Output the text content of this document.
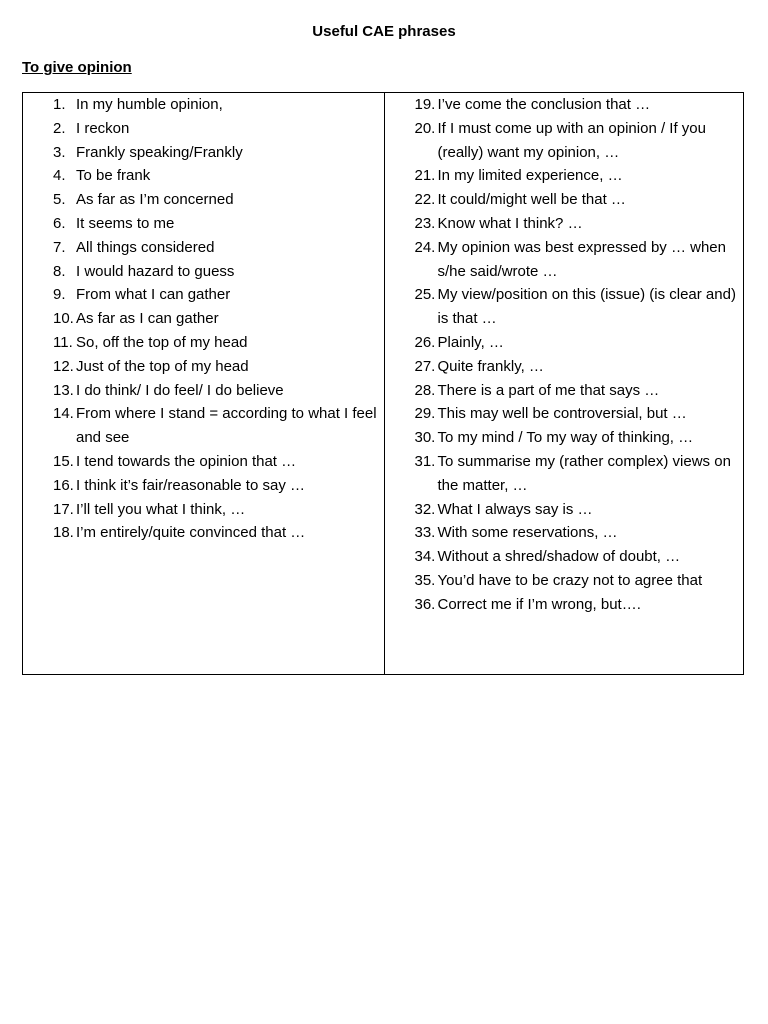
Useful CAE phrases
To give opinion
1. In my humble opinion,
2. I reckon
3. Frankly speaking/Frankly
4. To be frank
5. As far as I’m concerned
6. It seems to me
7. All things considered
8. I would hazard to guess
9. From what I can gather
10. As far as I can gather
11. So, off the top of my head
12. Just of the top of my head
13. I do think/ I do feel/ I do believe
14. From where I stand = according to what I feel and see
15. I tend towards the opinion that …
16. I think it’s fair/reasonable to say …
17. I’ll tell you what I think, …
18. I’m entirely/quite convinced that …
19. I’ve come the conclusion that …
20. If I must come up with an opinion / If you (really) want my opinion, …
21. In my limited experience, …
22. It could/might well be that …
23. Know what I think? …
24. My opinion was best expressed by … when s/he said/wrote …
25. My view/position on this (issue) (is clear and) is that …
26. Plainly, …
27. Quite frankly, …
28. There is a part of me that says …
29. This may well be controversial, but …
30. To my mind / To my way of thinking, …
31. To summarise my (rather complex) views on the matter, …
32. What I always say is …
33. With some reservations, …
34. Without a shred/shadow of doubt, …
35. You’d have to be crazy not to agree that
36. Correct me if I’m wrong, but….
